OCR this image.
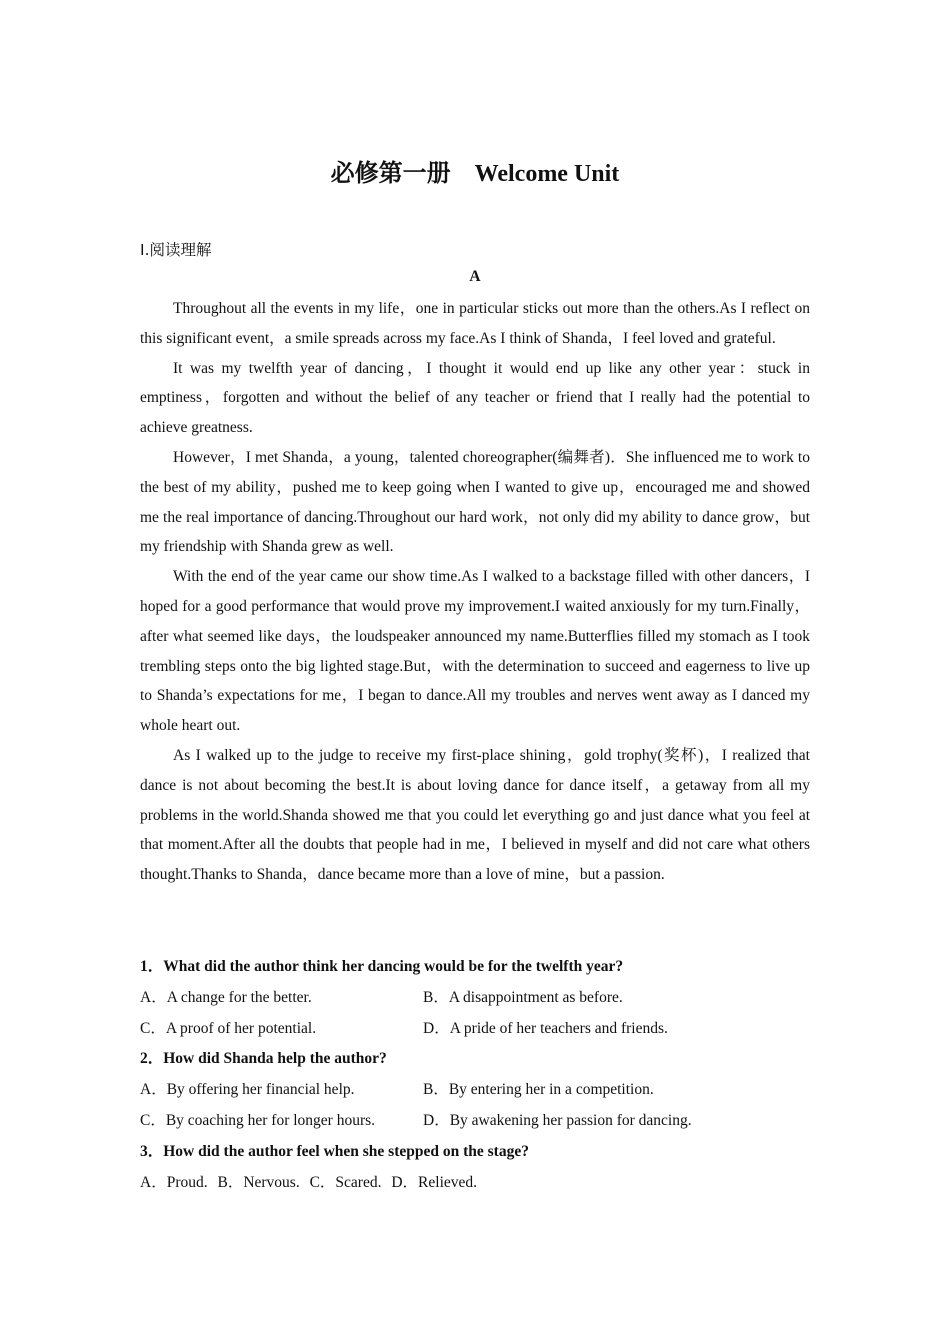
必修第一册    Welcome Unit
Ⅰ.阅读理解
A

Throughout all the events in my life，one in particular sticks out more than the others.As I reflect on this significant event，a smile spreads across my face.As I think of Shanda，I feel loved and grateful.

It was my twelfth year of dancing，I thought it would end up like any other year：stuck in emptiness，forgotten and without the belief of any teacher or friend that I really had the potential to achieve greatness.

However，I met Shanda，a young，talented choreographer(编舞者)．She influenced me to work to the best of my ability，pushed me to keep going when I wanted to give up，encouraged me and showed me the real importance of dancing.Throughout our hard work，not only did my ability to dance grow，but my friendship with Shanda grew as well.

With the end of the year came our show time.As I walked to a backstage filled with other dancers，I hoped for a good performance that would prove my improvement.I waited anxiously for my turn.Finally，after what seemed like days，the loudspeaker announced my name.Butterflies filled my stomach as I took trembling steps onto the big lighted stage.But，with the determination to succeed and eagerness to live up to Shanda’s expectations for me，I began to dance.All my troubles and nerves went away as I danced my whole heart out.

As I walked up to the judge to receive my first-place shining，gold trophy(奖杯)，I realized that dance is not about becoming the best.It is about loving dance for dance itself，a getaway from all my problems in the world.Shanda showed me that you could let everything go and just dance what you feel at that moment.After all the doubts that people had in me，I believed in myself and did not care what others thought.Thanks to Shanda，dance became more than a love of mine，but a passion.

1．What did the author think her dancing would be for the twelfth year?

A．A change for the better.	B．A disappointment as before.
C．A proof of her potential.	D．A pride of her teachers and friends.

2．How did Shanda help the author?

A．By offering her financial help.	B．By entering her in a competition.
C．By coaching her for longer hours.	D．By awakening her passion for dancing.

3．How did the author feel when she stepped on the stage?

A．Proud. B．Nervous. C．Scared. D．Relieved.
